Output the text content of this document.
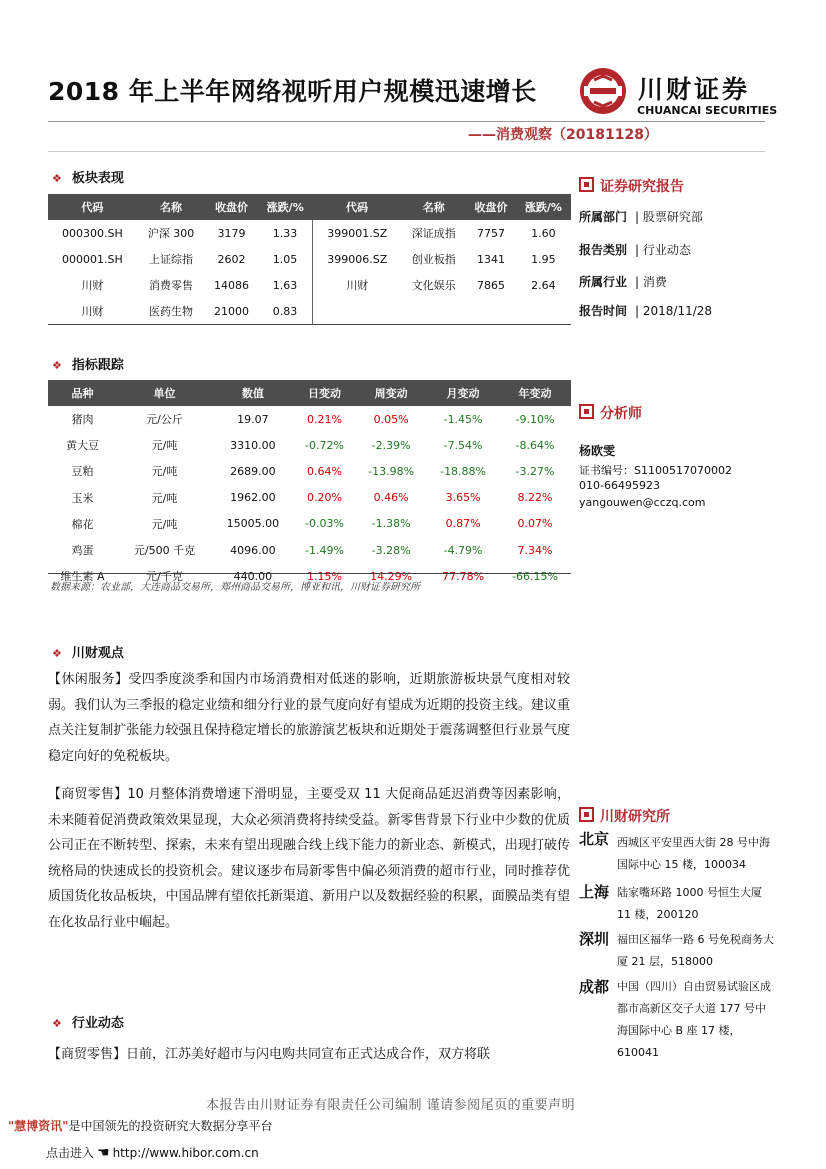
2018 年上半年网络视听用户规模迅速增长	川财证券
CHUANCAI SECURITIES
——消费观察（20181128）
❖ 板块表现
代码	名称	收盘价	涨跌/%	代码	名称	收盘价	涨跌/%
000300.SH	沪深 300	3179	1.33	399001.SZ	深证成指	7757	1.60
000001.SH	上证综指	2602	1.05	399006.SZ	创业板指	1341	1.95
川财	消费零售	14086	1.63	川财	文化娱乐	7865	2.64
川财	医药生物	21000	0.83				
❖ 指标跟踪
品种	单位	数值	日变动	周变动	月变动	年变动
猪肉	元/公斤	19.07	0.21%	0.05%	-1.45%	-9.10%
黄大豆	元/吨	3310.00	-0.72%	-2.39%	-7.54%	-8.64%
豆粕	元/吨	2689.00	0.64%	-13.98%	-18.88%	-3.27%
玉米	元/吨	1962.00	0.20%	0.46%	3.65%	8.22%
棉花	元/吨	15005.00	-0.03%	-1.38%	0.87%	0.07%
鸡蛋	元/500 千克	4096.00	-1.49%	-3.28%	-4.79%	7.34%
维生素 A	元/千克	440.00	1.15%	14.29%	77.78%	-66.15%
数据来源：农业部，大连商品交易所，郑州商品交易所，博亚和讯，川财证券研究所
❖ 川财观点
【休闲服务】受四季度淡季和国内市场消费相对低迷的影响，近期旅游板块景气度相对较弱。我们认为三季报的稳定业绩和细分行业的景气度向好有望成为近期的投资主线。建议重点关注复制扩张能力较强且保持稳定增长的旅游演艺板块和近期处于震荡调整但行业景气度稳定向好的免税板块。
【商贸零售】10 月整体消费增速下滑明显，主要受双 11 大促商品延迟消费等因素影响，未来随着促消费政策效果显现，大众必须消费将持续受益。新零售背景下行业中少数的优质公司正在不断转型、探索，未来有望出现融合线上线下能力的新业态、新模式，出现打破传统格局的快速成长的投资机会。建议逐步布局新零售中偏必须消费的超市行业，同时推荐优质国货化妆品板块，中国品牌有望依托新渠道、新用户以及数据经验的积累，面膜品类有望在化妆品行业中崛起。
❖ 行业动态
【商贸零售】日前，江苏美好超市与闪电购共同宣布正式达成合作，双方将联
证券研究报告
所属部门 | 股票研究部
报告类别 | 行业动态
所属行业 | 消费
报告时间 | 2018/11/28
分析师
杨欧雯
证书编号：S1100517070002
010-66495923
yangouwen@cczq.com
川财研究所
北京 西城区平安里西大街 28 号中海国际中心 15 楼，100034
上海 陆家嘴环路 1000 号恒生大厦 11 楼，200120
深圳 福田区福华一路 6 号免税商务大厦 21 层，518000
成都 中国（四川）自由贸易试验区成都市高新区交子大道 177 号中海国际中心 B 座 17 楼，610041
本报告由川财证券有限责任公司编制 谨请参阅尾页的重要声明
"慧博资讯"是中国领先的投资研究大数据分享平台
点击进入 ☚ http://www.hibor.com.cn
